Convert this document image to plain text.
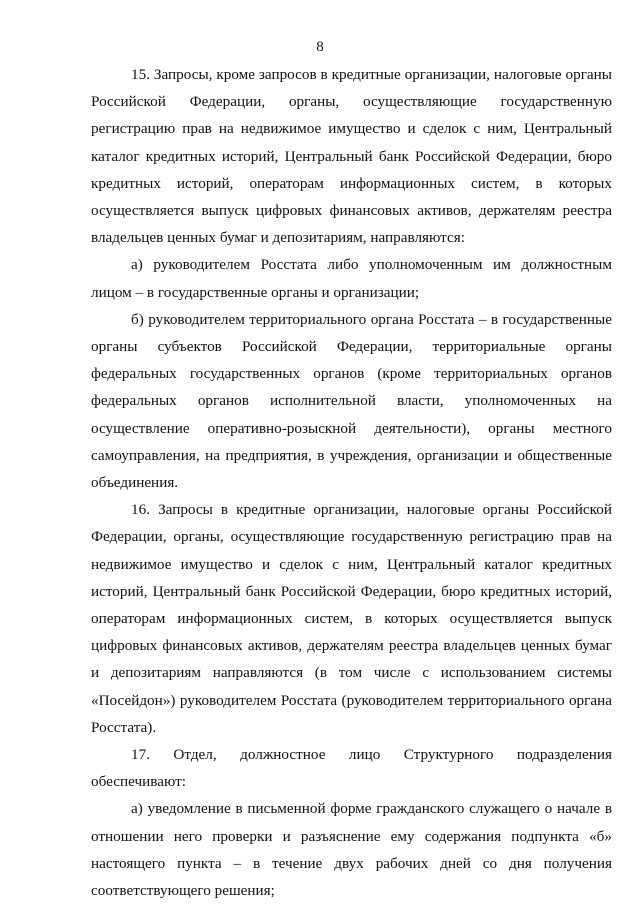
8

15. Запросы, кроме запросов в кредитные организации, налоговые органы Российской Федерации, органы, осуществляющие государственную регистрацию прав на недвижимое имущество и сделок с ним, Центральный каталог кредитных историй, Центральный банк Российской Федерации, бюро кредитных историй, операторам информационных систем, в которых осуществляется выпуск цифровых финансовых активов, держателям реестра владельцев ценных бумаг и депозитариям, направляются:

а) руководителем Росстата либо уполномоченным им должностным лицом – в государственные органы и организации;

б) руководителем территориального органа Росстата – в государственные органы субъектов Российской Федерации, территориальные органы федеральных государственных органов (кроме территориальных органов федеральных органов исполнительной власти, уполномоченных на осуществление оперативно-розыскной деятельности), органы местного самоуправления, на предприятия, в учреждения, организации и общественные объединения.

16. Запросы в кредитные организации, налоговые органы Российской Федерации, органы, осуществляющие государственную регистрацию прав на недвижимое имущество и сделок с ним, Центральный каталог кредитных историй, Центральный банк Российской Федерации, бюро кредитных историй, операторам информационных систем, в которых осуществляется выпуск цифровых финансовых активов, держателям реестра владельцев ценных бумаг и депозитариям направляются (в том числе с использованием системы «Посейдон») руководителем Росстата (руководителем территориального органа Росстата).

17. Отдел, должностное лицо Структурного подразделения обеспечивают:

а) уведомление в письменной форме гражданского служащего о начале в отношении него проверки и разъяснение ему содержания подпункта «б» настоящего пункта – в течение двух рабочих дней со дня получения соответствующего решения;
